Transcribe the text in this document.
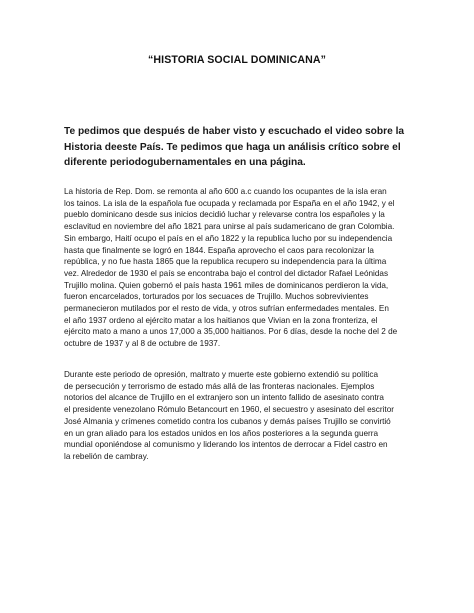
“HISTORIA SOCIAL DOMINICANA”
Te pedimos que después de haber visto y escuchado el video sobre la
Historia deeste País. Te pedimos que haga un análisis crítico sobre el
diferente periodogubernamentales en una página.
La historia de Rep. Dom. se remonta al año 600 a.c cuando los ocupantes de la isla eran
los tainos. La isla de la española fue ocupada y reclamada por España en el año 1942, y el
pueblo dominicano desde sus inicios decidió luchar y relevarse contra los españoles y la
esclavitud en noviembre del año 1821 para unirse al país sudamericano de gran Colombia.
Sin embargo, Haití ocupo el país en el año 1822 y la republica lucho por su independencia
hasta que finalmente se logró en 1844. España aprovecho el caos para recolonizar la
república, y no fue hasta 1865 que la republica recupero su independencia para la última
vez. Alrededor de 1930 el país se encontraba bajo el control del dictador Rafael Leónidas
Trujillo molina. Quien gobernó el país hasta 1961 miles de dominicanos perdieron la vida,
fueron encarcelados, torturados por los secuaces de Trujillo. Muchos sobrevivientes
permanecieron mutilados por el resto de vida, y otros sufrían enfermedades mentales. En
el año 1937 ordeno al ejército matar a los haitianos que Vivian en la zona fronteriza, el
ejército mato a mano a unos 17,000 a 35,000 haitianos. Por 6 días, desde la noche del 2 de
octubre de 1937 y al 8 de octubre de 1937.
Durante este periodo de opresión, maltrato y muerte este gobierno extendió su política
de persecución y terrorismo de estado más allá de las fronteras nacionales. Ejemplos
notorios del alcance de Trujillo en el extranjero son un intento fallido de asesinato contra
el presidente venezolano Rómulo Betancourt en 1960, el secuestro y asesinato del escritor
José Almania y crímenes cometido contra los cubanos y demás países Trujillo se convirtió
en un gran aliado para los estados unidos en los años posteriores a la segunda guerra
mundial oponiéndose al comunismo y liderando los intentos de derrocar a Fidel castro en
la rebelión de cambray.
